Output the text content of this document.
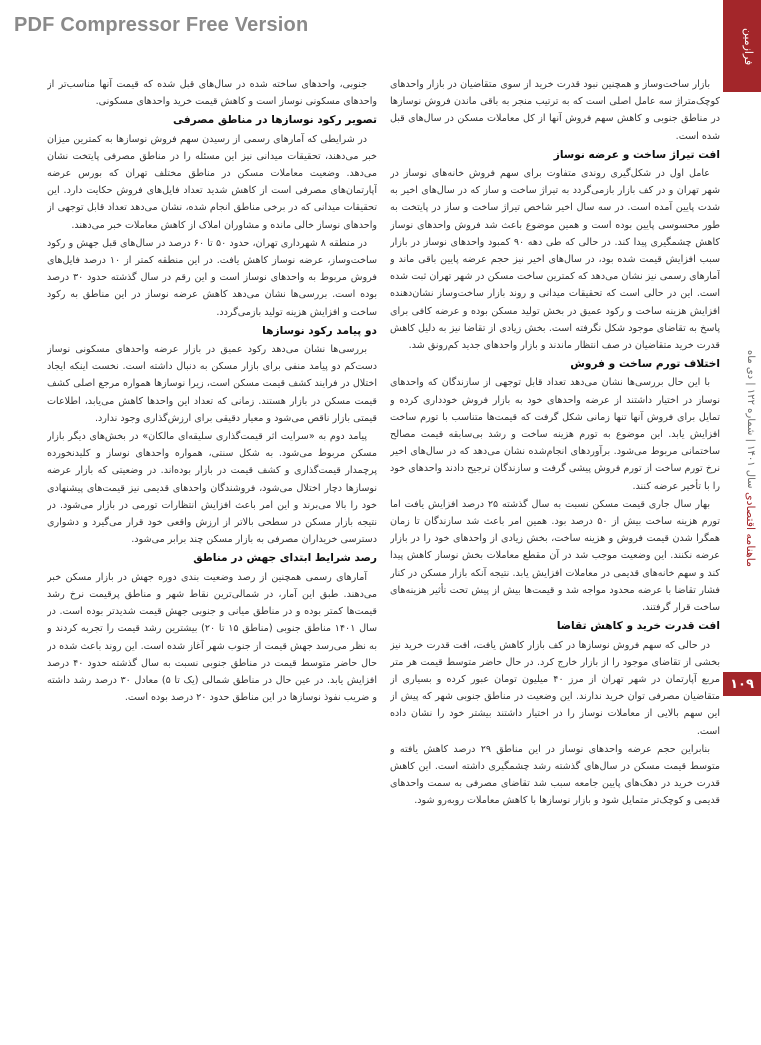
PDF Compressor Free Version
فرازمین
ماهنامه اقتصادی سال ۱۴۰۱ | شماره ۱۲۲ | دی ماه
۱۰۹

بازار ساخت‌وساز و همچنین نبود قدرت خرید از سوی متقاضیان در بازار واحدهای کوچک‌متراژ سه عامل اصلی است که به ترتیب منجر به باقی ماندن فروش نوسازها در مناطق جنوبی و کاهش سهم فروش آنها از کل معاملات مسکن در سال‌های قبل شده است.

افت تیراژ ساخت و عرضه نوساز

عامل اول در شکل‌گیری روندی متفاوت برای سهم فروش خانه‌های نوساز در شهر تهران و در کف بازار بازمی‌گردد به تیراژ ساخت و ساز که در سال‌های اخیر به شدت پایین آمده است. در سه سال اخیر شاخص تیراژ ساخت و ساز در پایتخت به طور محسوسی پایین بوده است و همین موضوع باعث شد فروش واحدهای نوساز کاهش چشمگیری پیدا کند. در حالی که طی دهه ۹۰ کمبود واحدهای نوساز در بازار سبب افزایش قیمت شده بود، در سال‌های اخیر نیز حجم عرضه پایین باقی ماند و آمارهای رسمی نیز نشان می‌دهد که کمترین ساخت مسکن در شهر تهران ثبت شده است. این در حالی است که تحقیقات میدانی و روند بازار ساخت‌وساز نشان‌دهنده افزایش هزینه ساخت و رکود عمیق در بخش تولید مسکن بوده و عرضه کافی برای پاسخ به تقاضای موجود شکل نگرفته است. بخش زیادی از تقاضا نیز به دلیل کاهش قدرت خرید متقاضیان در صف انتظار ماندند و بازار واحدهای جدید کم‌رونق شد.

اختلاف تورم ساخت و فروش

با این حال بررسی‌ها نشان می‌دهد تعداد قابل توجهی از سازندگان که واحدهای نوساز در اختیار داشتند از عرضه واحدهای خود به بازار فروش خودداری کرده و تمایل برای فروش آنها تنها زمانی شکل گرفت که قیمت‌ها متناسب با تورم ساخت افزایش یابد. این موضوع به تورم هزینه ساخت و رشد بی‌سابقه قیمت مصالح ساختمانی مربوط می‌شود. برآوردهای انجام‌شده نشان می‌دهد که در سال‌های اخیر نرخ تورم ساخت از تورم فروش پیشی گرفت و سازندگان ترجیح دادند واحدهای خود را با تأخیر عرضه کنند.

بهار سال جاری قیمت مسکن نسبت به سال گذشته ۲۵ درصد افزایش یافت اما تورم هزینه ساخت بیش از ۵۰ درصد بود. همین امر باعث شد سازندگان تا زمان همگرا شدن قیمت فروش و هزینه ساخت، بخش زیادی از واحدهای خود را در بازار عرضه نکنند. این وضعیت موجب شد در آن مقطع معاملات بخش نوساز کاهش پیدا کند و سهم خانه‌های قدیمی در معاملات افزایش یابد. نتیجه آنکه بازار مسکن در کنار فشار تقاضا با عرضه محدود مواجه شد و قیمت‌ها بیش از پیش تحت تأثیر هزینه‌های ساخت قرار گرفتند.

افت قدرت خرید و کاهش تقاضا

در حالی که سهم فروش نوسازها در کف بازار کاهش یافت، افت قدرت خرید نیز بخشی از تقاضای موجود را از بازار خارج کرد. در حال حاضر متوسط قیمت هر متر مربع آپارتمان در شهر تهران از مرز ۴۰ میلیون تومان عبور کرده و بسیاری از متقاضیان مصرفی توان خرید ندارند. این وضعیت در مناطق جنوبی شهر که پیش از این سهم بالایی از معاملات نوساز را در اختیار داشتند بیشتر خود را نشان داده است.

بنابراین حجم عرضه واحدهای نوساز در این مناطق ۲۹ درصد کاهش یافته و متوسط قیمت مسکن در سال‌های گذشته رشد چشمگیری داشته است. این کاهش قدرت خرید در دهک‌های پایین جامعه سبب شد تقاضای مصرفی به سمت واحدهای قدیمی و کوچک‌تر متمایل شود و بازار نوسازها با کاهش معاملات روبه‌رو شود.

جنوبی، واحدهای ساخته شده در سال‌های قبل شده که قیمت آنها مناسب‌تر از واحدهای مسکونی نوساز است و کاهش قیمت خرید واحدهای مسکونی.

تصویر رکود نوسازها در مناطق مصرفی

در شرایطی که آمارهای رسمی از رسیدن سهم فروش نوسازها به کمترین میزان خبر می‌دهند، تحقیقات میدانی نیز این مسئله را در مناطق مصرفی پایتخت نشان می‌دهد. وضعیت معاملات مسکن در مناطق مختلف تهران که بورس عرضه آپارتمان‌های مصرفی است از کاهش شدید تعداد فایل‌های فروش حکایت دارد. این تحقیقات میدانی که در برخی مناطق انجام شده، نشان می‌دهد تعداد قابل توجهی از واحدهای نوساز خالی مانده و مشاوران املاک از کاهش معاملات خبر می‌دهند.

در منطقه ۸ شهرداری تهران، حدود ۵۰ تا ۶۰ درصد در سال‌های قبل جهش و رکود ساخت‌وساز، عرضه نوساز کاهش یافت. در این منطقه کمتر از ۱۰ درصد فایل‌های فروش مربوط به واحدهای نوساز است و این رقم در سال گذشته حدود ۳۰ درصد بوده است. بررسی‌ها نشان می‌دهد کاهش عرضه نوساز در این مناطق به رکود ساخت و افزایش هزینه تولید بازمی‌گردد.

دو پیامد رکود نوسازها

بررسی‌ها نشان می‌دهد رکود عمیق در بازار عرضه واحدهای مسکونی نوساز دست‌کم دو پیامد منفی برای بازار مسکن به دنبال داشته است. نخست اینکه ایجاد اختلال در فرایند کشف قیمت مسکن است، زیرا نوسازها همواره مرجع اصلی کشف قیمت مسکن در بازار هستند. زمانی که تعداد این واحدها کاهش می‌یابد، اطلاعات قیمتی بازار ناقص می‌شود و معیار دقیقی برای ارزش‌گذاری وجود ندارد.

پیامد دوم به «سرایت اثر قیمت‌گذاری سلیقه‌ای مالکان» در بخش‌های دیگر بازار مسکن مربوط می‌شود. به شکل سنتی، همواره واحدهای نوساز و کلیدنخورده پرچمدار قیمت‌گذاری و کشف قیمت در بازار بوده‌اند. در وضعیتی که بازار عرضه نوسازها دچار اختلال می‌شود، فروشندگان واحدهای قدیمی نیز قیمت‌های پیشنهادی خود را بالا می‌برند و این امر باعث افزایش انتظارات تورمی در بازار می‌شود. در نتیجه بازار مسکن در سطحی بالاتر از ارزش واقعی خود قرار می‌گیرد و دشواری دسترسی خریداران مصرفی به بازار مسکن چند برابر می‌شود.

رصد شرایط ابتدای جهش در مناطق

آمارهای رسمی همچنین از رصد وضعیت بندی دوره جهش در بازار مسکن خبر می‌دهند. طبق این آمار، در شمالی‌ترین نقاط شهر و مناطق پرقیمت نرخ رشد قیمت‌ها کمتر بوده و در مناطق میانی و جنوبی جهش قیمت شدیدتر بوده است. در سال ۱۴۰۱ مناطق جنوبی (مناطق ۱۵ تا ۲۰) بیشترین رشد قیمت را تجربه کردند و به نظر می‌رسد جهش قیمت از جنوب شهر آغاز شده است. این روند باعث شده در حال حاضر متوسط قیمت در مناطق جنوبی نسبت به سال گذشته حدود ۴۰ درصد افزایش یابد. در عین حال در مناطق شمالی (یک تا ۵) معادل ۳۰ درصد رشد داشته و ضریب نفوذ نوسازها در این مناطق حدود ۲۰ درصد بوده است.
